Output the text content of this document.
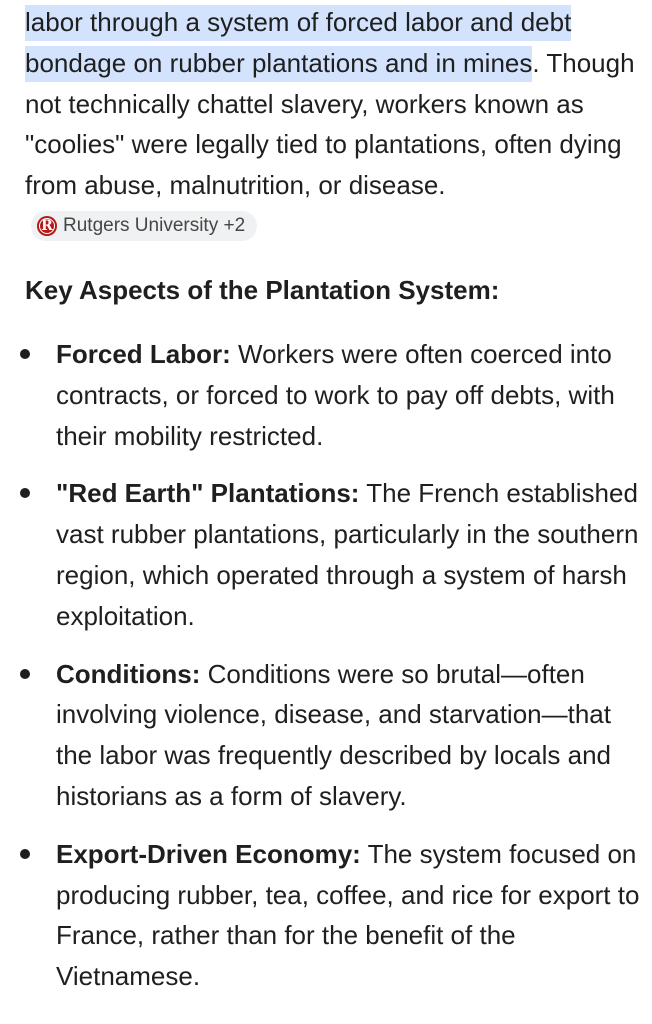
labor through a system of forced labor and debt bondage on rubber plantations and in mines. Though not technically chattel slavery, workers known as "coolies" were legally tied to plantations, often dying from abuse, malnutrition, or disease.
R Rutgers University +2

Key Aspects of the Plantation System:
Forced Labor: Workers were often coerced into contracts, or forced to work to pay off debts, with their mobility restricted.
"Red Earth" Plantations: The French established vast rubber plantations, particularly in the southern region, which operated through a system of harsh exploitation.
Conditions: Conditions were so brutal—often involving violence, disease, and starvation—that the labor was frequently described by locals and historians as a form of slavery.
Export-Driven Economy: The system focused on producing rubber, tea, coffee, and rice for export to France, rather than for the benefit of the Vietnamese.
